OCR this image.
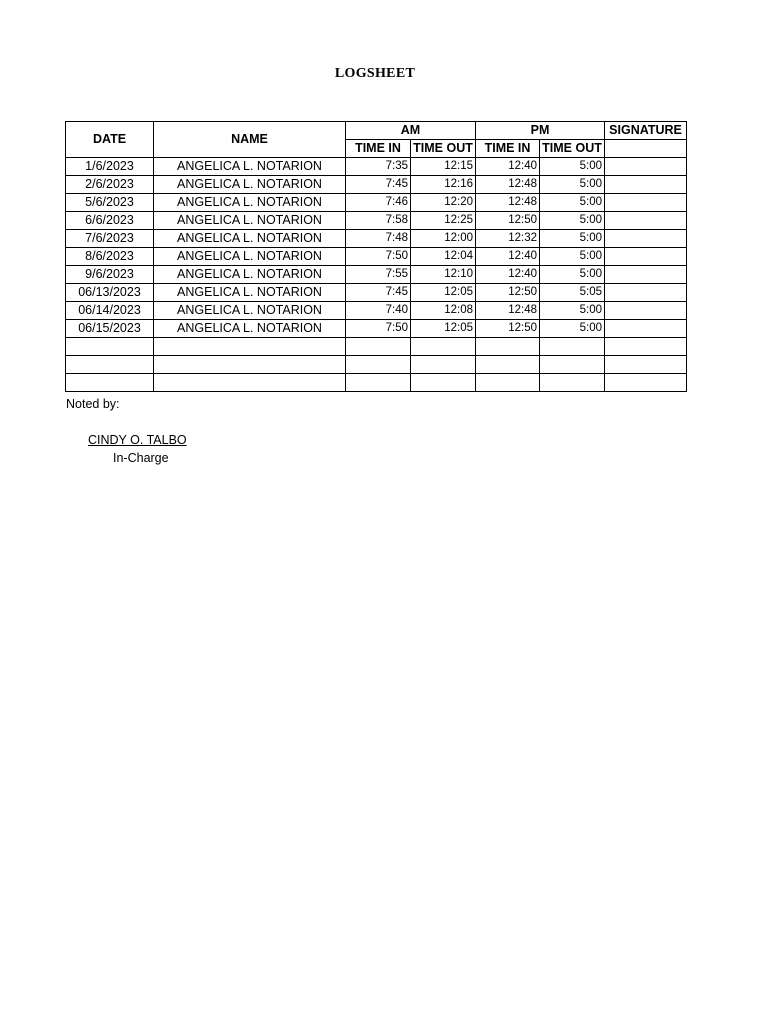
LOGSHEET
DATE	NAME	AM		PM		SIGNATURE
		TIME IN	TIME OUT	TIME IN	TIME OUT	
1/6/2023	ANGELICA L. NOTARION	7:35	12:15	12:40	5:00	
2/6/2023	ANGELICA L. NOTARION	7:45	12:16	12:48	5:00	
5/6/2023	ANGELICA L. NOTARION	7:46	12:20	12:48	5:00	
6/6/2023	ANGELICA L. NOTARION	7:58	12:25	12:50	5:00	
7/6/2023	ANGELICA L. NOTARION	7:48	12:00	12:32	5:00	
8/6/2023	ANGELICA L. NOTARION	7:50	12:04	12:40	5:00	
9/6/2023	ANGELICA L. NOTARION	7:55	12:10	12:40	5:00	
06/13/2023	ANGELICA L. NOTARION	7:45	12:05	12:50	5:05	
06/14/2023	ANGELICA L. NOTARION	7:40	12:08	12:48	5:00	
06/15/2023	ANGELICA L. NOTARION	7:50	12:05	12:50	5:00	

Noted by:
CINDY O. TALBO
In-Charge
